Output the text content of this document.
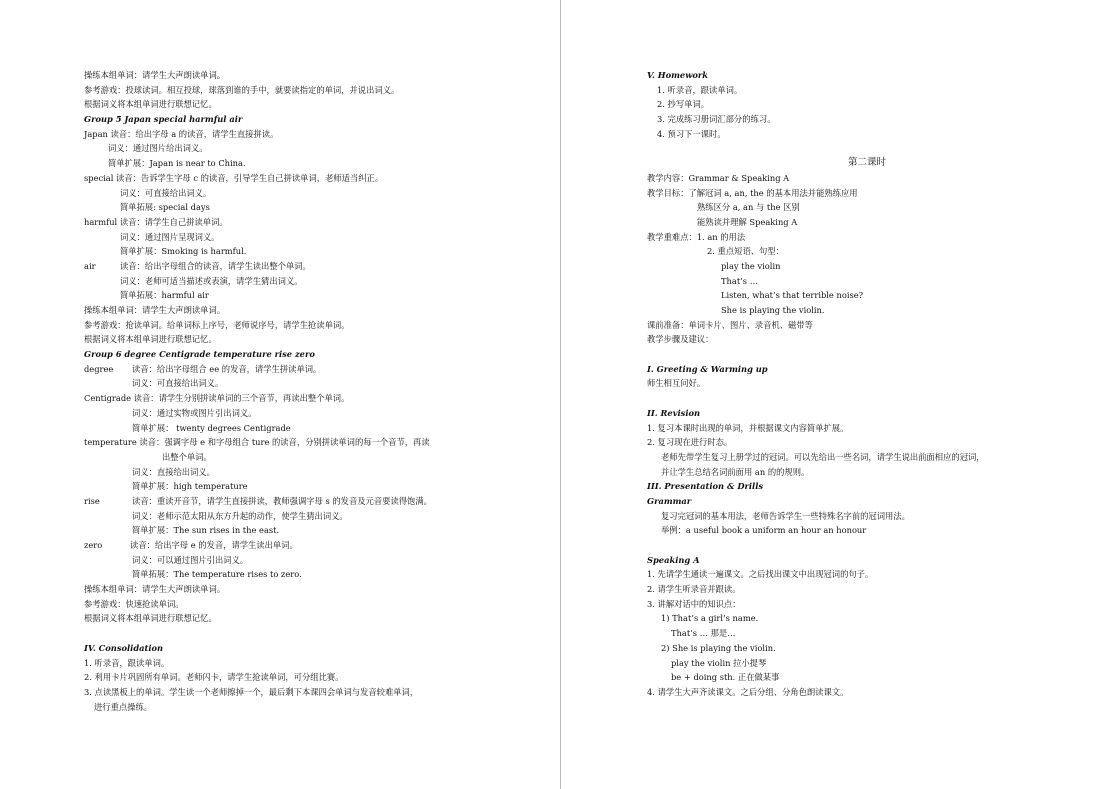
操练本组单词：请学生大声朗读单词。
参考游戏：投球读词。相互投球，球落到谁的手中，就要读指定的单词，并说出词义。
根据词义将本组单词进行联想记忆。
Group 5 Japan special harmful air
Japan 读音：给出字母 a 的读音，请学生直接拼读。
词义：通过图片给出词义。
简单扩展：Japan is near to China.
special 读音：告诉学生字母 c 的读音，引导学生自己拼读单词，老师适当纠正。
词义：可直接给出词义。
简单拓展: special days
harmful 读音：请学生自己拼读单词。
词义：通过图片呈现词义。
简单扩展：Smoking is harmful.
air	读音：给出字母组合的读音，请学生读出整个单词。
词义：老师可适当描述或表演，请学生猜出词义。
简单拓展：harmful air
操练本组单词：请学生大声朗读单词。
参考游戏：抢读单词。给单词标上序号，老师说序号，请学生抢读单词。
根据词义将本组单词进行联想记忆。
Group 6 degree Centigrade temperature rise zero
degree 读音：给出字母组合 ee 的发音，请学生拼读单词。
词义：可直接给出词义。
Centigrade 读音：请学生分别拼读单词的三个音节，再读出整个单词。
词义：通过实物或图片引出词义。
简单扩展： twenty degrees Centigrade
temperature 读音：强调字母 e 和字母组合 ture 的读音，分别拼读单词的每一个音节，再读
出整个单词。
词义：直接给出词义。
简单扩展：high temperature
rise	读音：重读开音节，请学生直接拼读，教师强调字母 s 的发音及元音要读得饱满。
词义：老师示范太阳从东方升起的动作，使学生猜出词义。
简单扩展：The sun rises in the east.
zero	读音：给出字母 e 的发音，请学生读出单词。
词义：可以通过图片引出词义。
简单拓展：The temperature rises to zero.
操练本组单词：请学生大声朗读单词。
参考游戏：快速抢读单词。
根据词义将本组单词进行联想记忆。
IV. Consolidation
1. 听录音，跟读单词。
2. 利用卡片巩固所有单词。老师闪卡，请学生抢读单词，可分组比赛。
3. 点读黑板上的单词。学生读一个老师擦掉一个，最后剩下本课四会单词与发音较难单词，
进行重点操练。
V. Homework
1. 听录音，跟读单词。
2. 抄写单词。
3. 完成练习册词汇部分的练习。
4. 预习下一课时。
第二课时
教学内容：Grammar & Speaking A
教学目标：了解冠词 a, an, the 的基本用法并能熟练应用
熟练区分 a, an 与 the 区别
能熟读并理解 Speaking A
教学重难点：1. an 的用法
2. 重点短语、句型：
play the violin
That’s …
Listen, what’s that terrible noise?
She is playing the violin.
课前准备：单词卡片、图片、录音机、磁带等
教学步骤及建议：
I. Greeting & Warming up
师生相互问好。
II. Revision
1. 复习本课时出现的单词，并根据课文内容简单扩展。
2. 复习现在进行时态。
老师先带学生复习上册学过的冠词。可以先给出一些名词，请学生说出前面相应的冠词，
并让学生总结名词前面用 an 的的规则。
III. Presentation & Drills
Grammar
复习完冠词的基本用法，老师告诉学生一些特殊名字前的冠词用法。
举例：a useful book a uniform an hour an honour
Speaking A
1. 先请学生通读一遍课文。之后找出课文中出现冠词的句子。
2. 请学生听录音并跟读。
3. 讲解对话中的知识点：
1) That’s a girl’s name.
That’s … 那是…
2) She is playing the violin.
play the violin 拉小提琴
be + doing sth. 正在做某事
4. 请学生大声齐读课文。之后分组、分角色朗读课文。
